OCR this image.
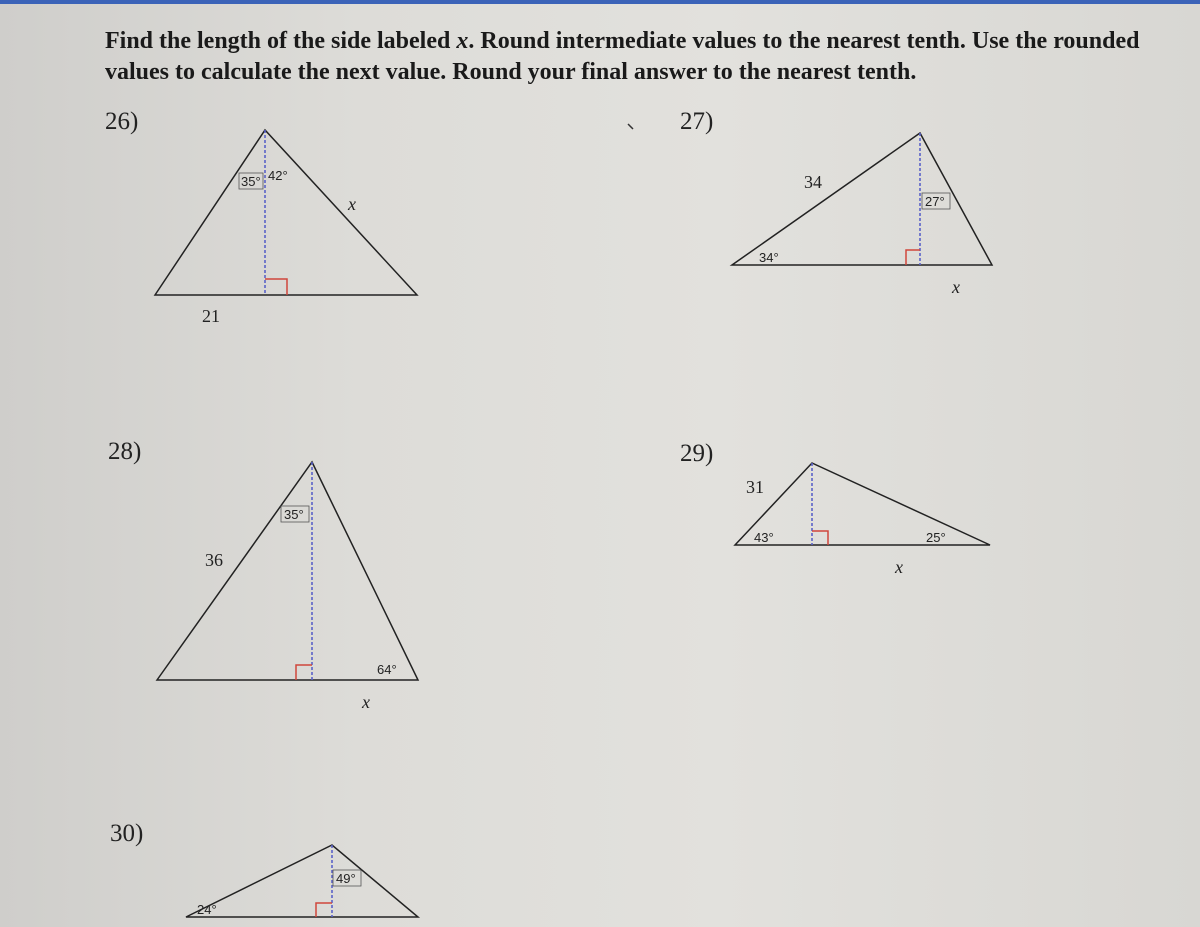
Find the length of the side labeled x. Round intermediate values to the nearest tenth. Use the rounded values to calculate the next value. Round your final answer to the nearest tenth.
26)	27)
28)	29)
30)
35° 42°
21
x
34°
27°
34
x
35°
64°
36
x
43°	25°
31
x
24°
49°
